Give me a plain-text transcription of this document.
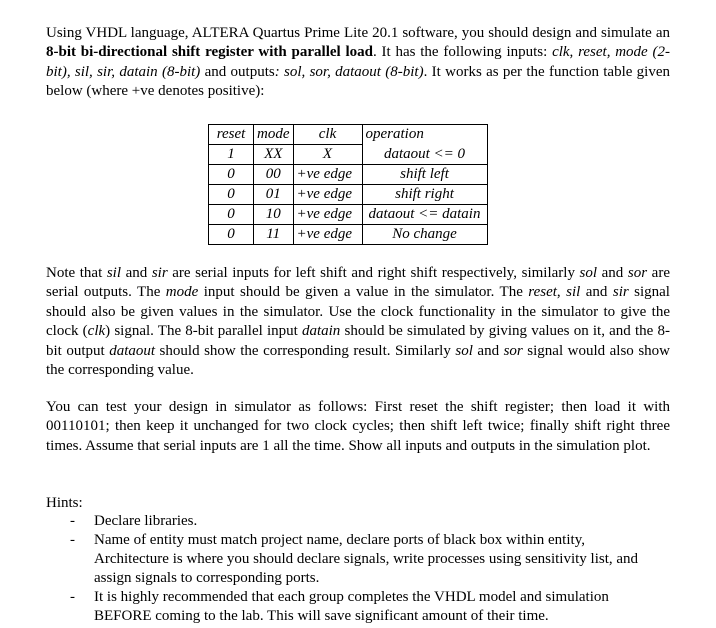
Using VHDL language, ALTERA Quartus Prime Lite 20.1 software, you should design and simulate an 8-bit bi-directional shift register with parallel load. It has the following inputs: clk, reset, mode (2-bit), sil, sir, datain (8-bit) and outputs: sol, sor, dataout (8-bit). It works as per the function table given below (where +ve denotes positive):

reset	mode	clk	operation
1	XX	X	dataout <= 0
0	00	+ve edge	shift left
0	01	+ve edge	shift right
0	10	+ve edge	dataout <= datain
0	11	+ve edge	No change

Note that sil and sir are serial inputs for left shift and right shift respectively, similarly sol and sor are serial outputs. The mode input should be given a value in the simulator. The reset, sil and sir signal should also be given values in the simulator. Use the clock functionality in the simulator to give the clock (clk) signal. The 8-bit parallel input datain should be simulated by giving values on it, and the 8-bit output dataout should show the corresponding result. Similarly sol and sor signal would also show the corresponding value.

You can test your design in simulator as follows: First reset the shift register; then load it with 00110101; then keep it unchanged for two clock cycles; then shift left twice; finally shift right three times. Assume that serial inputs are 1 all the time. Show all inputs and outputs in the simulation plot.

Hints:
- Declare libraries.
- Name of entity must match project name, declare ports of black box within entity, Architecture is where you should declare signals, write processes using sensitivity list, and assign signals to corresponding ports.
- It is highly recommended that each group completes the VHDL model and simulation BEFORE coming to the lab. This will save significant amount of their time.
